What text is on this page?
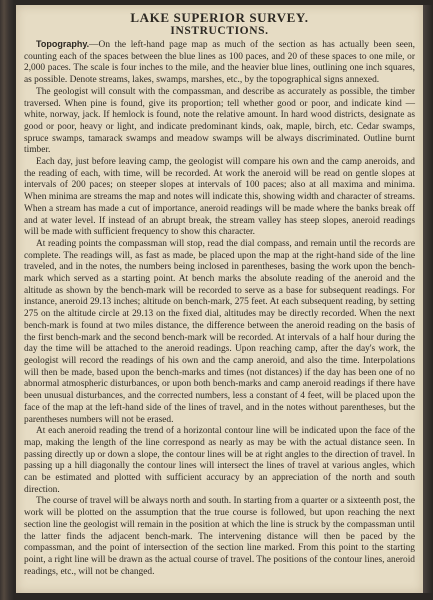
LAKE SUPERIOR SURVEY.
INSTRUCTIONS.

Topography.—On the left-hand page map as much of the section as has actually been seen, counting each of the spaces between the blue lines as 100 paces, and 20 of these spaces to one mile, or 2,000 paces. The scale is four inches to the mile, and the heavier blue lines, outlining one inch squares, as possible. Denote streams, lakes, swamps, marshes, etc., by the topographical signs annexed.

The geologist will consult with the compassman, and describe as accurately as possible, the timber traversed. When pine is found, give its proportion; tell whether good or poor, and indicate kind — white, norway, jack. If hemlock is found, note the relative amount. In hard wood districts, designate as good or poor, heavy or light, and indicate predominant kinds, oak, maple, birch, etc. Cedar swamps, spruce swamps, tamarack swamps and meadow swamps will be always discriminated. Outline burnt timber.

Each day, just before leaving camp, the geologist will compare his own and the camp aneroids, and the reading of each, with time, will be recorded. At work the aneroid will be read on gentle slopes at intervals of 200 paces; on steeper slopes at intervals of 100 paces; also at all maxima and minima. When minima are streams the map and notes will indicate this, showing width and character of streams. When a stream has made a cut of importance, aneroid readings will be made where the banks break off and at water level. If instead of an abrupt break, the stream valley has steep slopes, aneroid readings will be made with sufficient frequency to show this character.

At reading points the compassman will stop, read the dial compass, and remain until the records are complete. The readings will, as fast as made, be placed upon the map at the right-hand side of the line traveled, and in the notes, the numbers being inclosed in parentheses, basing the work upon the bench-mark which served as a starting point. At bench marks the absolute reading of the aneroid and the altitude as shown by the bench-mark will be recorded to serve as a base for subsequent readings. For instance, aneroid 29.13 inches; altitude on bench-mark, 275 feet. At each subsequent reading, by setting 275 on the altitude circle at 29.13 on the fixed dial, altitudes may be directly recorded. When the next bench-mark is found at two miles distance, the difference between the aneroid reading on the basis of the first bench-mark and the second bench-mark will be recorded. At intervals of a half hour during the day the time will be attached to the aneroid readings. Upon reaching camp, after the day's work, the geologist will record the readings of his own and the camp aneroid, and also the time. Interpolations will then be made, based upon the bench-marks and times (not distances) if the day has been one of no abnormal atmospheric disturbances, or upon both bench-marks and camp aneroid readings if there have been unusual disturbances, and the corrected numbers, less a constant of 4 feet, will be placed upon the face of the map at the left-hand side of the lines of travel, and in the notes without parentheses, but the parentheses numbers will not be erased.

At each aneroid reading the trend of a horizontal contour line will be indicated upon the face of the map, making the length of the line correspond as nearly as may be with the actual distance seen. In passing directly up or down a slope, the contour lines will be at right angles to the direction of travel. In passing up a hill diagonally the contour lines will intersect the lines of travel at various angles, which can be estimated and plotted with sufficient accuracy by an appreciation of the north and south direction.

The course of travel will be always north and south. In starting from a quarter or a sixteenth post, the work will be plotted on the assumption that the true course is followed, but upon reaching the next section line the geologist will remain in the position at which the line is struck by the compassman until the latter finds the adjacent bench-mark. The intervening distance will then be paced by the compassman, and the point of intersection of the section line marked. From this point to the starting point, a right line will be drawn as the actual course of travel. The positions of the contour lines, aneroid readings, etc., will not be changed.
